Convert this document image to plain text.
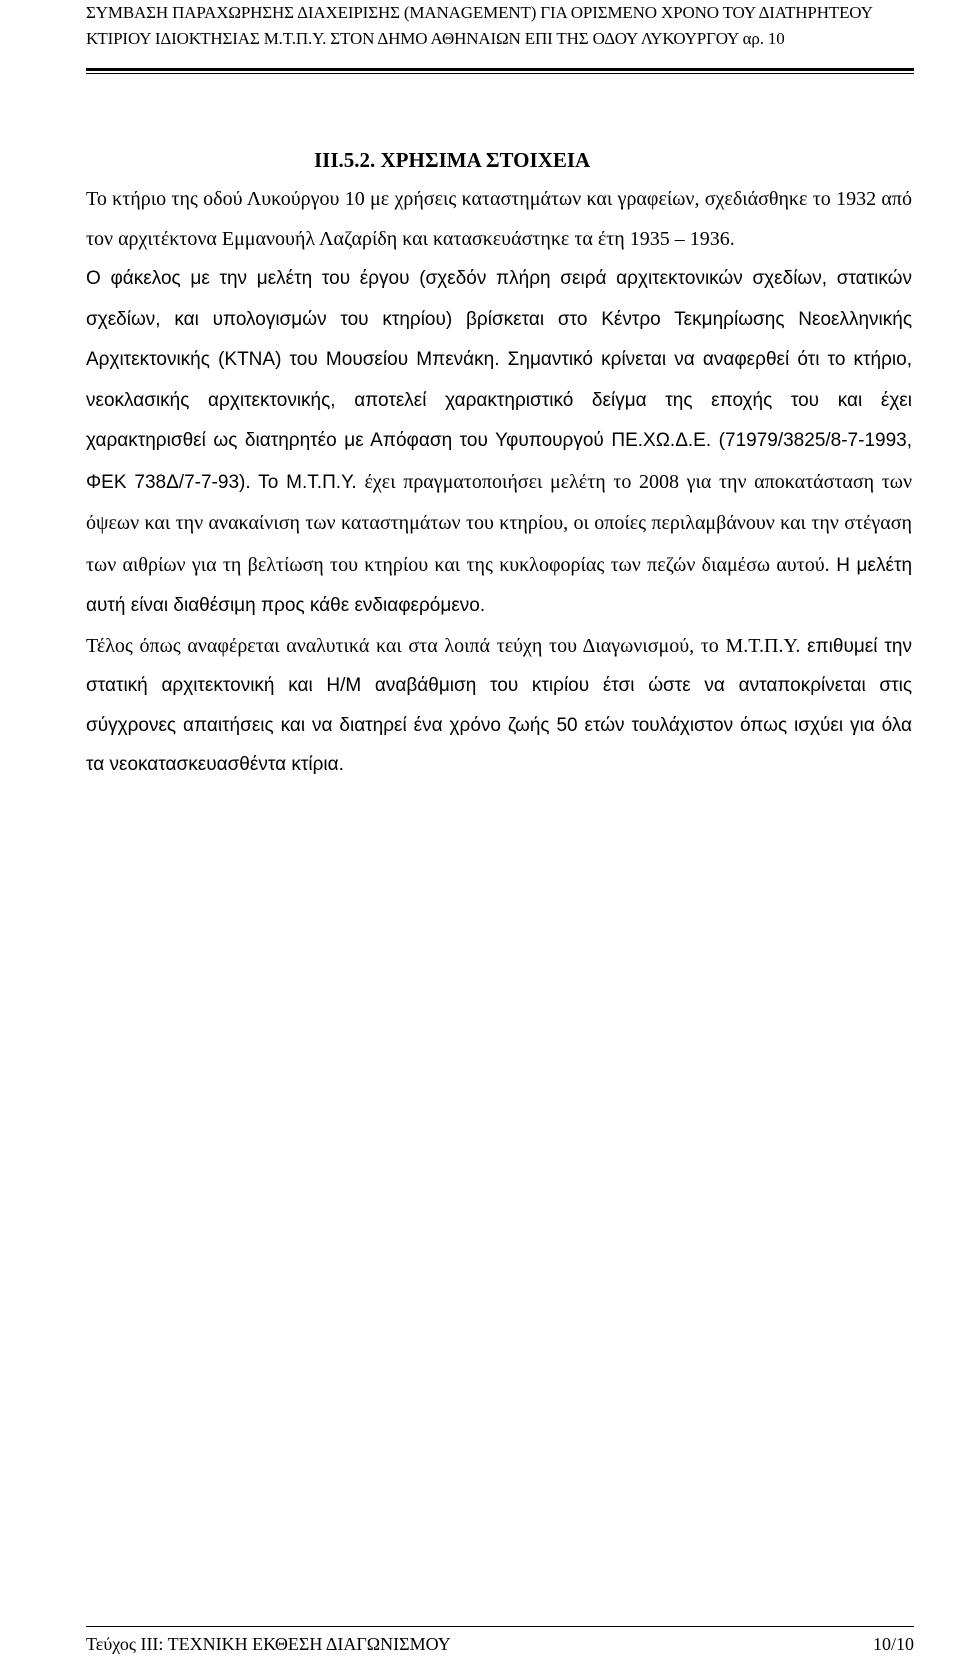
ΣΥΜΒΑΣΗ ΠΑΡΑΧΩΡΗΣΗΣ ΔΙΑΧΕΙΡΙΣΗΣ (MANAGEMENT) ΓΙΑ ΟΡΙΣΜΕΝΟ ΧΡΟΝΟ ΤΟΥ ΔΙΑΤΗΡΗΤΕΟΥ
ΚΤΙΡΙΟΥ ΙΔΙΟΚΤΗΣΙΑΣ Μ.Τ.Π.Υ. ΣΤΟΝ ΔΗΜΟ ΑΘΗΝΑΙΩΝ ΕΠΙ ΤΗΣ ΟΔΟΥ ΛΥΚΟΥΡΓΟΥ αρ. 10
ΙΙΙ.5.2. ΧΡΗΣΙΜΑ ΣΤΟΙΧΕΙΑ

Το κτήριο της οδού Λυκούργου 10 με χρήσεις καταστημάτων και γραφείων, σχεδιάσθηκε το 1932 από τον αρχιτέκτονα Εμμανουήλ Λαζαρίδη και κατασκευάστηκε τα έτη 1935 – 1936.

Ο φάκελος με την μελέτη του έργου (σχεδόν πλήρη σειρά αρχιτεκτονικών σχεδίων, στατικών σχεδίων, και υπολογισμών του κτηρίου) βρίσκεται στο Κέντρο Τεκμηρίωσης Νεοελληνικής Αρχιτεκτονικής (ΚΤΝΑ) του Μουσείου Μπενάκη. Σημαντικό κρίνεται να αναφερθεί ότι το κτήριο, νεοκλασικής αρχιτεκτονικής, αποτελεί χαρακτηριστικό δείγμα της εποχής του και έχει χαρακτηρισθεί ως διατηρητέο με Απόφαση του Υφυπουργού ΠΕ.ΧΩ.Δ.Ε. (71979/3825/8-7-1993, ΦΕΚ 738Δ/7-7-93). Το Μ.Τ.Π.Υ. έχει πραγματοποιήσει μελέτη το 2008 για την αποκατάσταση των όψεων και την ανακαίνιση των καταστημάτων του κτηρίου, οι οποίες περιλαμβάνουν και την στέγαση των αιθρίων για τη βελτίωση του κτηρίου και της κυκλοφορίας των πεζών διαμέσω αυτού. Η μελέτη αυτή είναι διαθέσιμη προς κάθε ενδιαφερόμενο.

Τέλος όπως αναφέρεται αναλυτικά και στα λοιπά τεύχη του Διαγωνισμού, το Μ.Τ.Π.Υ. επιθυμεί την στατική αρχιτεκτονική και Η/Μ αναβάθμιση του κτιρίου έτσι ώστε να ανταποκρίνεται στις σύγχρονες απαιτήσεις και να διατηρεί ένα χρόνο ζωής 50 ετών τουλάχιστον όπως ισχύει για όλα τα νεοκατασκευασθέντα κτίρια.

Τεύχος ΙΙΙ: ΤΕΧΝΙΚΗ ΕΚΘΕΣΗ ΔΙΑΓΩΝΙΣΜΟΥ	10/10
